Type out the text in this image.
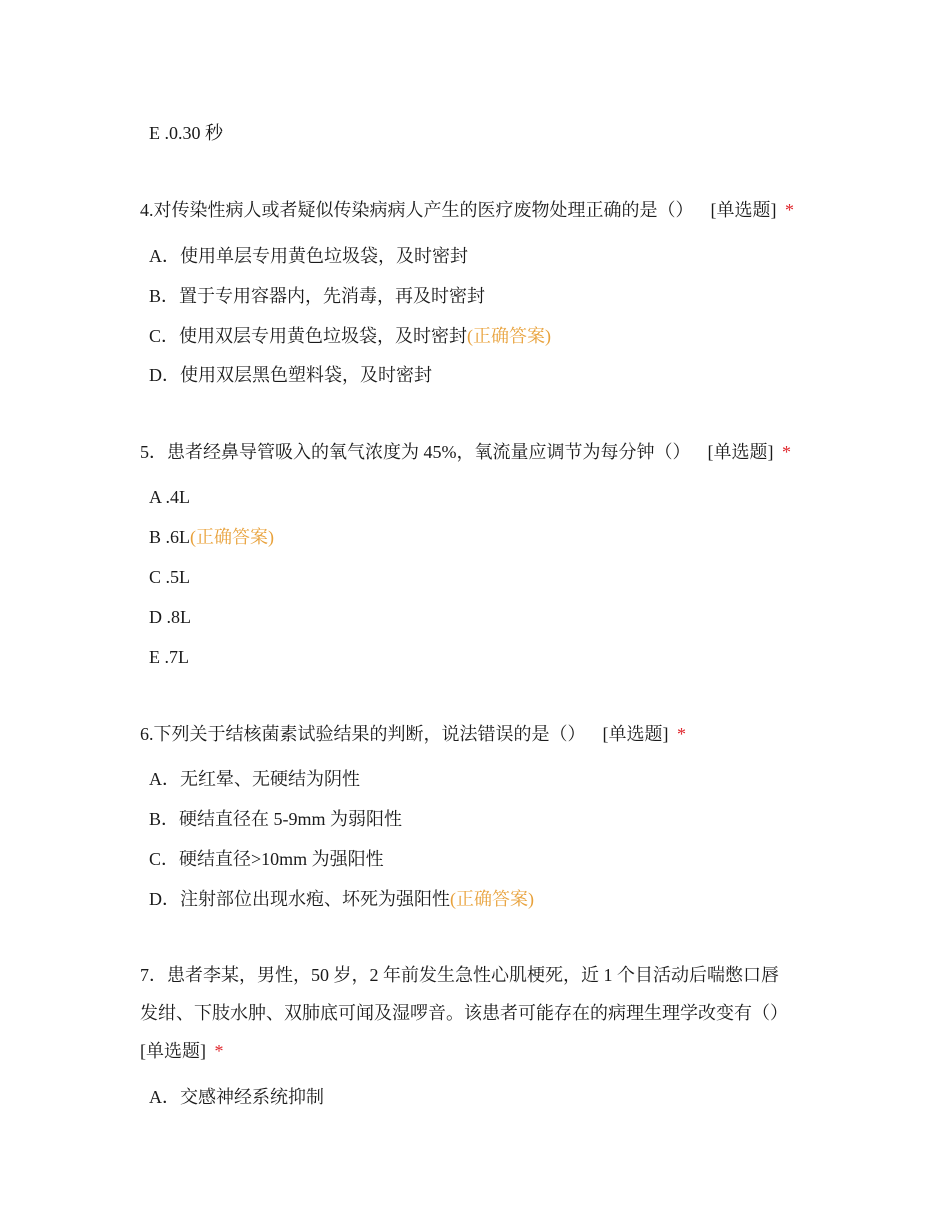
E .0.30 秒
4.对传染性病人或者疑似传染病病人产生的医疗废物处理正确的是（） [单选题] *
A．使用单层专用黄色垃圾袋，及时密封
B．置于专用容器内，先消毒，再及时密封
C．使用双层专用黄色垃圾袋，及时密封(正确答案)
D．使用双层黑色塑料袋，及时密封
5．患者经鼻导管吸入的氧气浓度为 45%，氧流量应调节为每分钟（） [单选题] *
A .4L
B .6L(正确答案)
C .5L
D .8L
E .7L
6.下列关于结核菌素试验结果的判断，说法错误的是（） [单选题] *
A．无红晕、无硬结为阴性
B．硬结直径在 5-9mm 为弱阳性
C．硬结直径>10mm 为强阳性
D．注射部位出现水疱、坏死为强阳性(正确答案)
7．患者李某，男性，50 岁，2 年前发生急性心肌梗死，近 1 个目活动后喘憋口唇
发绀、下肢水肿、双肺底可闻及湿啰音。该患者可能存在的病理生理学改变有（）
[单选题] *
A．交感神经系统抑制
